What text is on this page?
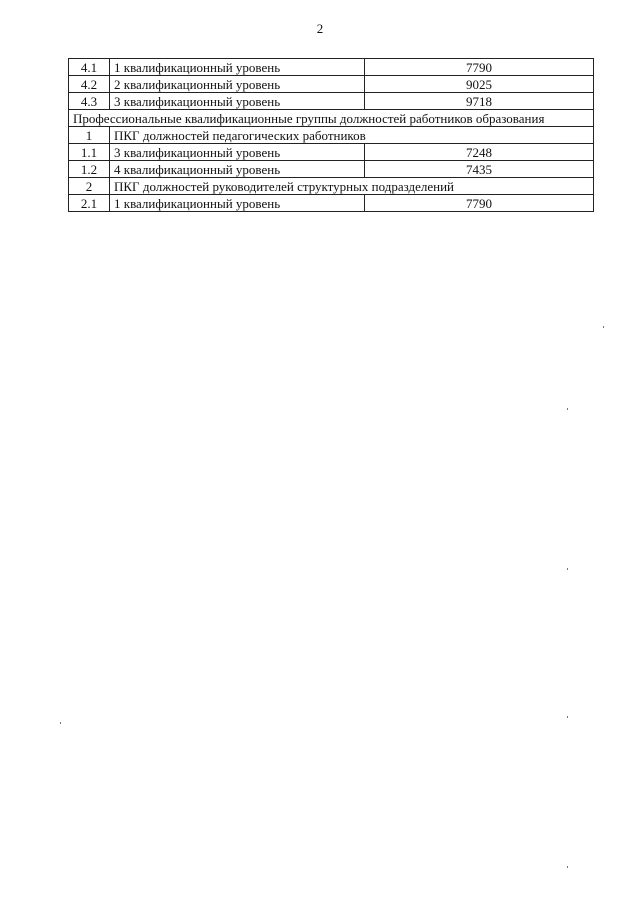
2
4.1	1 квалификационный уровень	7790
4.2	2 квалификационный уровень	9025
4.3	3 квалификационный уровень	9718
Профессиональные квалификационные группы должностей работников образования		
1	ПКГ должностей педагогических работников	
1.1	3 квалификационный уровень	7248
1.2	4 квалификационный уровень	7435
2	ПКГ должностей руководителей структурных подразделений	
2.1	1 квалификационный уровень	7790
